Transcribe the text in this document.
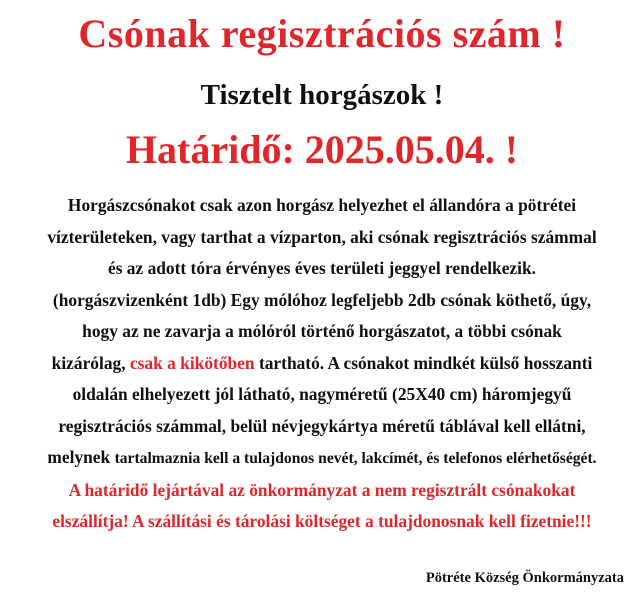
Csónak regisztrációs szám !
Tisztelt horgászok !
Határidő: 2025.05.04. !
Horgászcsónakot csak azon horgász helyezhet el állandóra a pötrétei
vízterületeken, vagy tarthat a vízparton, aki csónak regisztrációs számmal
és az adott tóra érvényes éves területi jeggyel rendelkezik.
(horgászvizenként 1db) Egy mólóhoz legfeljebb 2db csónak köthető, úgy,
hogy az ne zavarja a mólóról történő horgászatot, a többi csónak
kizárólag, csak a kikötőben tartható. A csónakot mindkét külső hosszanti
oldalán elhelyezett jól látható, nagyméretű (25X40 cm) háromjegyű
regisztrációs számmal, belül névjegykártya méretű táblával kell ellátni,
melynek tartalmaznia kell a tulajdonos nevét, lakcímét, és telefonos elérhetőségét.
A határidő lejártával az önkormányzat a nem regisztrált csónakokat
elszállítja! A szállítási és tárolási költséget a tulajdonosnak kell fizetnie!!!
Pötréte Község Önkormányzata
